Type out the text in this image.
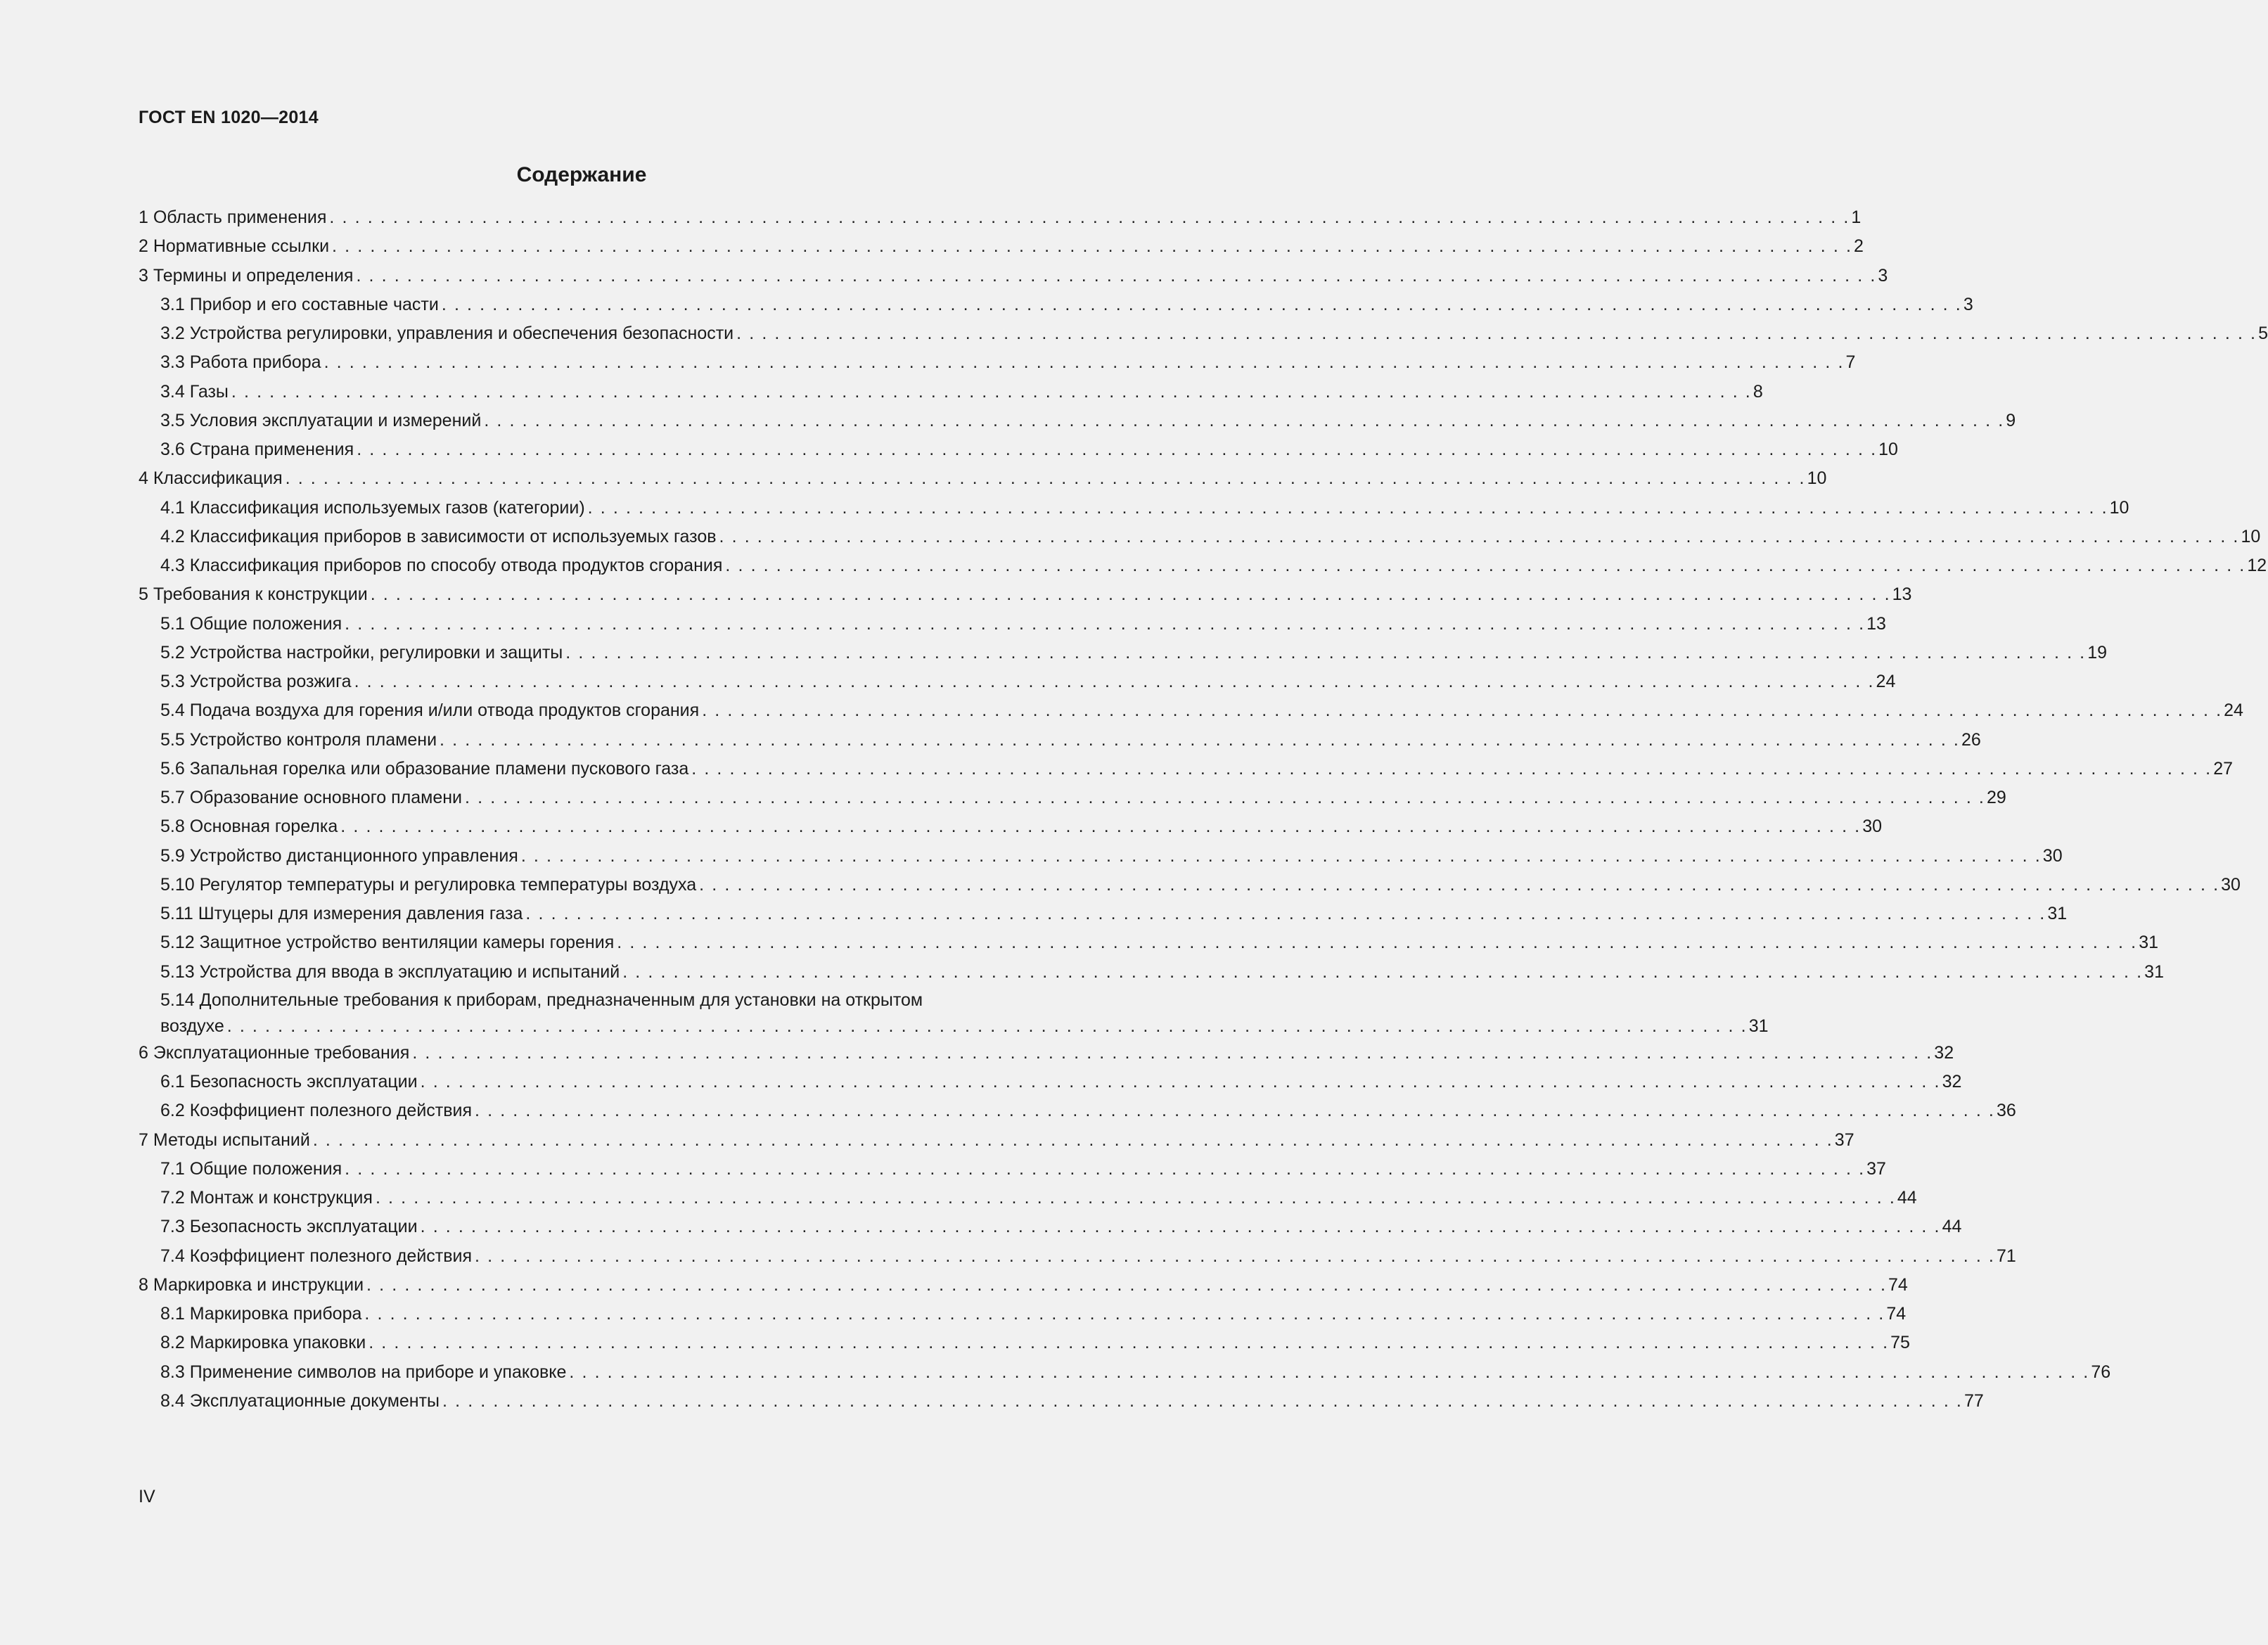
ГОСТ EN 1020—2014
Содержание
1 Область применения . . . . . . . . . . . . . . . . . . . . . . . . . . . . . . . . . . . . . . . . . . . . . . . . . . . . . . . . . . . . . . . . . . . . . . . . . . . . . . . . . . . . . . . . . . . . . . . . . . . . . . . . . . . . . . . . . . . . . . . . 1
2 Нормативные ссылки . . . . . . . . . . . . . . . . . . . . . . . . . . . . . . . . . . . . . . . . . . . . . . . . . . . . . . . . . . . . . . . . . . . . . . . . . . . . . . . . . . . . . . . . . . . . . . . . . . . . . . . . . . . . . . . . . . . . . . . . 2
3 Термины и определения . . . . . . . . . . . . . . . . . . . . . . . . . . . . . . . . . . . . . . . . . . . . . . . . . . . . . . . . . . . . . . . . . . . . . . . . . . . . . . . . . . . . . . . . . . . . . . . . . . . . . . . . . . . . . . . . . . . . . . . . 3
3.1 Прибор и его составные части . . . . . . . . . . . . . . . . . . . . . . . . . . . . . . . . . . . . . . . . . . . . . . . . . . . . . . . . . . . . . . . . . . . . . . . . . . . . . . . . . . . . . . . . . . . . . . . . . . . . . . . . . . . . . . . . . . . . . . . . 3
3.2 Устройства регулировки, управления и обеспечения безопасности . . . . . . . . . . . . . . . . . . . . . . . . . . . . . . . . . . . . . . . . . . . . . . . . . . . . . . . . . . . . . . . . . . . . . . . . . . . . . . . . . . . . . . . . . . . . . . . . . . . . . . . . . . . . . . . . . . . . . . . . 5
3.3 Работа прибора . . . . . . . . . . . . . . . . . . . . . . . . . . . . . . . . . . . . . . . . . . . . . . . . . . . . . . . . . . . . . . . . . . . . . . . . . . . . . . . . . . . . . . . . . . . . . . . . . . . . . . . . . . . . . . . . . . . . . . . . 7
3.4 Газы . . . . . . . . . . . . . . . . . . . . . . . . . . . . . . . . . . . . . . . . . . . . . . . . . . . . . . . . . . . . . . . . . . . . . . . . . . . . . . . . . . . . . . . . . . . . . . . . . . . . . . . . . . . . . . . . . . . . . . . . 8
3.5 Условия эксплуатации и измерений . . . . . . . . . . . . . . . . . . . . . . . . . . . . . . . . . . . . . . . . . . . . . . . . . . . . . . . . . . . . . . . . . . . . . . . . . . . . . . . . . . . . . . . . . . . . . . . . . . . . . . . . . . . . . . . . . . . . . . . . 9
3.6 Страна применения . . . . . . . . . . . . . . . . . . . . . . . . . . . . . . . . . . . . . . . . . . . . . . . . . . . . . . . . . . . . . . . . . . . . . . . . . . . . . . . . . . . . . . . . . . . . . . . . . . . . . . . . . . . . . . . . . . . . . . . . 10
4 Классификация . . . . . . . . . . . . . . . . . . . . . . . . . . . . . . . . . . . . . . . . . . . . . . . . . . . . . . . . . . . . . . . . . . . . . . . . . . . . . . . . . . . . . . . . . . . . . . . . . . . . . . . . . . . . . . . . . . . . . . . . 10
4.1 Классификация используемых газов (категории) . . . . . . . . . . . . . . . . . . . . . . . . . . . . . . . . . . . . . . . . . . . . . . . . . . . . . . . . . . . . . . . . . . . . . . . . . . . . . . . . . . . . . . . . . . . . . . . . . . . . . . . . . . . . . . . . . . . . . . . . 10
4.2 Классификация приборов в зависимости от используемых газов . . . . . . . . . . . . . . . . . . . . . . . . . . . . . . . . . . . . . . . . . . . . . . . . . . . . . . . . . . . . . . . . . . . . . . . . . . . . . . . . . . . . . . . . . . . . . . . . . . . . . . . . . . . . . . . . . . . . . . . . 10
4.3 Классификация приборов по способу отвода продуктов сгорания . . . . . . . . . . . . . . . . . . . . . . . . . . . . . . . . . . . . . . . . . . . . . . . . . . . . . . . . . . . . . . . . . . . . . . . . . . . . . . . . . . . . . . . . . . . . . . . . . . . . . . . . . . . . . . . . . . . . . . . . 12
5 Требования к конструкции . . . . . . . . . . . . . . . . . . . . . . . . . . . . . . . . . . . . . . . . . . . . . . . . . . . . . . . . . . . . . . . . . . . . . . . . . . . . . . . . . . . . . . . . . . . . . . . . . . . . . . . . . . . . . . . . . . . . . . . . 13
5.1 Общие положения . . . . . . . . . . . . . . . . . . . . . . . . . . . . . . . . . . . . . . . . . . . . . . . . . . . . . . . . . . . . . . . . . . . . . . . . . . . . . . . . . . . . . . . . . . . . . . . . . . . . . . . . . . . . . . . . . . . . . . . . 13
5.2 Устройства настройки, регулировки и защиты . . . . . . . . . . . . . . . . . . . . . . . . . . . . . . . . . . . . . . . . . . . . . . . . . . . . . . . . . . . . . . . . . . . . . . . . . . . . . . . . . . . . . . . . . . . . . . . . . . . . . . . . . . . . . . . . . . . . . . . . 19
5.3 Устройства розжига . . . . . . . . . . . . . . . . . . . . . . . . . . . . . . . . . . . . . . . . . . . . . . . . . . . . . . . . . . . . . . . . . . . . . . . . . . . . . . . . . . . . . . . . . . . . . . . . . . . . . . . . . . . . . . . . . . . . . . . . 24
5.4 Подача воздуха для горения и/или отвода продуктов сгорания . . . . . . . . . . . . . . . . . . . . . . . . . . . . . . . . . . . . . . . . . . . . . . . . . . . . . . . . . . . . . . . . . . . . . . . . . . . . . . . . . . . . . . . . . . . . . . . . . . . . . . . . . . . . . . . . . . . . . . . . 24
5.5 Устройство контроля пламени . . . . . . . . . . . . . . . . . . . . . . . . . . . . . . . . . . . . . . . . . . . . . . . . . . . . . . . . . . . . . . . . . . . . . . . . . . . . . . . . . . . . . . . . . . . . . . . . . . . . . . . . . . . . . . . . . . . . . . . . 26
5.6 Запальная горелка или образование пламени пускового газа . . . . . . . . . . . . . . . . . . . . . . . . . . . . . . . . . . . . . . . . . . . . . . . . . . . . . . . . . . . . . . . . . . . . . . . . . . . . . . . . . . . . . . . . . . . . . . . . . . . . . . . . . . . . . . . . . . . . . . . . 27
5.7 Образование основного пламени . . . . . . . . . . . . . . . . . . . . . . . . . . . . . . . . . . . . . . . . . . . . . . . . . . . . . . . . . . . . . . . . . . . . . . . . . . . . . . . . . . . . . . . . . . . . . . . . . . . . . . . . . . . . . . . . . . . . . . . . 29
5.8 Основная горелка . . . . . . . . . . . . . . . . . . . . . . . . . . . . . . . . . . . . . . . . . . . . . . . . . . . . . . . . . . . . . . . . . . . . . . . . . . . . . . . . . . . . . . . . . . . . . . . . . . . . . . . . . . . . . . . . . . . . . . . . 30
5.9 Устройство дистанционного управления . . . . . . . . . . . . . . . . . . . . . . . . . . . . . . . . . . . . . . . . . . . . . . . . . . . . . . . . . . . . . . . . . . . . . . . . . . . . . . . . . . . . . . . . . . . . . . . . . . . . . . . . . . . . . . . . . . . . . . . . 30
5.10 Регулятор температуры и регулировка температуры воздуха . . . . . . . . . . . . . . . . . . . . . . . . . . . . . . . . . . . . . . . . . . . . . . . . . . . . . . . . . . . . . . . . . . . . . . . . . . . . . . . . . . . . . . . . . . . . . . . . . . . . . . . . . . . . . . . . . . . . . . . . 30
5.11 Штуцеры для измерения давления газа . . . . . . . . . . . . . . . . . . . . . . . . . . . . . . . . . . . . . . . . . . . . . . . . . . . . . . . . . . . . . . . . . . . . . . . . . . . . . . . . . . . . . . . . . . . . . . . . . . . . . . . . . . . . . . . . . . . . . . . . 31
5.12 Защитное устройство вентиляции камеры горения . . . . . . . . . . . . . . . . . . . . . . . . . . . . . . . . . . . . . . . . . . . . . . . . . . . . . . . . . . . . . . . . . . . . . . . . . . . . . . . . . . . . . . . . . . . . . . . . . . . . . . . . . . . . . . . . . . . . . . . . 31
5.13 Устройства для ввода в эксплуатацию и испытаний . . . . . . . . . . . . . . . . . . . . . . . . . . . . . . . . . . . . . . . . . . . . . . . . . . . . . . . . . . . . . . . . . . . . . . . . . . . . . . . . . . . . . . . . . . . . . . . . . . . . . . . . . . . . . . . . . . . . . . . . 31
5.14 Дополнительные требования к приборам, предназначенным для установки на открытом
воздухе . . . . . . . . . . . . . . . . . . . . . . . . . . . . . . . . . . . . . . . . . . . . . . . . . . . . . . . . . . . . . . . . . . . . . . . . . . . . . . . . . . . . . . . . . . . . . . . . . . . . . . . . . . . . . . . . . . . . . . . . 31
6 Эксплуатационные требования . . . . . . . . . . . . . . . . . . . . . . . . . . . . . . . . . . . . . . . . . . . . . . . . . . . . . . . . . . . . . . . . . . . . . . . . . . . . . . . . . . . . . . . . . . . . . . . . . . . . . . . . . . . . . . . . . . . . . . . . 32
6.1 Безопасность эксплуатации . . . . . . . . . . . . . . . . . . . . . . . . . . . . . . . . . . . . . . . . . . . . . . . . . . . . . . . . . . . . . . . . . . . . . . . . . . . . . . . . . . . . . . . . . . . . . . . . . . . . . . . . . . . . . . . . . . . . . . . . 32
6.2 Коэффициент полезного действия . . . . . . . . . . . . . . . . . . . . . . . . . . . . . . . . . . . . . . . . . . . . . . . . . . . . . . . . . . . . . . . . . . . . . . . . . . . . . . . . . . . . . . . . . . . . . . . . . . . . . . . . . . . . . . . . . . . . . . . . 36
7 Методы испытаний . . . . . . . . . . . . . . . . . . . . . . . . . . . . . . . . . . . . . . . . . . . . . . . . . . . . . . . . . . . . . . . . . . . . . . . . . . . . . . . . . . . . . . . . . . . . . . . . . . . . . . . . . . . . . . . . . . . . . . . . 37
7.1 Общие положения . . . . . . . . . . . . . . . . . . . . . . . . . . . . . . . . . . . . . . . . . . . . . . . . . . . . . . . . . . . . . . . . . . . . . . . . . . . . . . . . . . . . . . . . . . . . . . . . . . . . . . . . . . . . . . . . . . . . . . . . 37
7.2 Монтаж и конструкция . . . . . . . . . . . . . . . . . . . . . . . . . . . . . . . . . . . . . . . . . . . . . . . . . . . . . . . . . . . . . . . . . . . . . . . . . . . . . . . . . . . . . . . . . . . . . . . . . . . . . . . . . . . . . . . . . . . . . . . . 44
7.3 Безопасность эксплуатации . . . . . . . . . . . . . . . . . . . . . . . . . . . . . . . . . . . . . . . . . . . . . . . . . . . . . . . . . . . . . . . . . . . . . . . . . . . . . . . . . . . . . . . . . . . . . . . . . . . . . . . . . . . . . . . . . . . . . . . . 44
7.4 Коэффициент полезного действия . . . . . . . . . . . . . . . . . . . . . . . . . . . . . . . . . . . . . . . . . . . . . . . . . . . . . . . . . . . . . . . . . . . . . . . . . . . . . . . . . . . . . . . . . . . . . . . . . . . . . . . . . . . . . . . . . . . . . . . . 71
8 Маркировка и инструкции . . . . . . . . . . . . . . . . . . . . . . . . . . . . . . . . . . . . . . . . . . . . . . . . . . . . . . . . . . . . . . . . . . . . . . . . . . . . . . . . . . . . . . . . . . . . . . . . . . . . . . . . . . . . . . . . . . . . . . . . 74
8.1 Маркировка прибора . . . . . . . . . . . . . . . . . . . . . . . . . . . . . . . . . . . . . . . . . . . . . . . . . . . . . . . . . . . . . . . . . . . . . . . . . . . . . . . . . . . . . . . . . . . . . . . . . . . . . . . . . . . . . . . . . . . . . . . . 74
8.2 Маркировка упаковки . . . . . . . . . . . . . . . . . . . . . . . . . . . . . . . . . . . . . . . . . . . . . . . . . . . . . . . . . . . . . . . . . . . . . . . . . . . . . . . . . . . . . . . . . . . . . . . . . . . . . . . . . . . . . . . . . . . . . . . . 75
8.3 Применение символов на приборе и упаковке . . . . . . . . . . . . . . . . . . . . . . . . . . . . . . . . . . . . . . . . . . . . . . . . . . . . . . . . . . . . . . . . . . . . . . . . . . . . . . . . . . . . . . . . . . . . . . . . . . . . . . . . . . . . . . . . . . . . . . . . 76
8.4 Эксплуатационные документы . . . . . . . . . . . . . . . . . . . . . . . . . . . . . . . . . . . . . . . . . . . . . . . . . . . . . . . . . . . . . . . . . . . . . . . . . . . . . . . . . . . . . . . . . . . . . . . . . . . . . . . . . . . . . . . . . . . . . . . . 77
IV
